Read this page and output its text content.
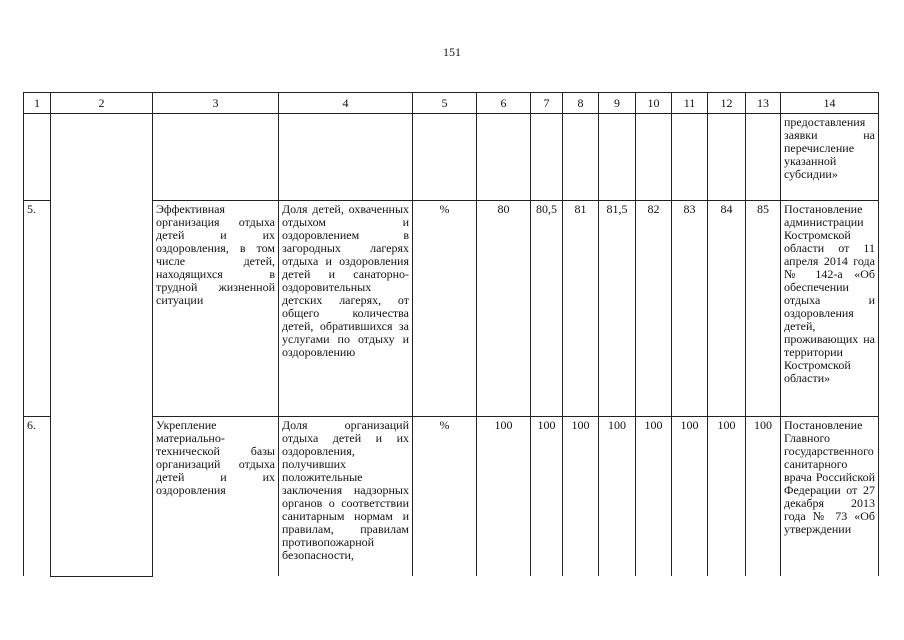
151
1	2	3	4	5	6	7	8	9	10	11	12	13	14
													предоставления заявки на перечисление указанной субсидии»
5.		Эффективная организация отдыха детей и их оздоровления, в том числе детей, находящихся в трудной жизненной ситуации	Доля детей, охваченных отдыхом и оздоровлением в загородных лагерях отдыха и оздоровления детей и санаторно-оздоровительных детских лагерях, от общего количества детей, обратившихся за услугами по отдыху и оздоровлению	%	80	80,5	81	81,5	82	83	84	85	Постановление администрации Костромской области от 11 апреля 2014 года № 142-а «Об обеспечении отдыха и оздоровления детей, проживающих на территории Костромской области»
6.		Укрепление материально-технической базы организаций отдыха детей и их оздоровления	Доля организаций отдыха детей и их оздоровления, получивших положительные заключения надзорных органов о соответствии санитарным нормам и правилам, правилам противопожарной безопасности,	%	100	100	100	100	100	100	100	100	Постановление Главного государственного санитарного врача Российской Федерации от 27 декабря 2013 года № 73 «Об утверждении
